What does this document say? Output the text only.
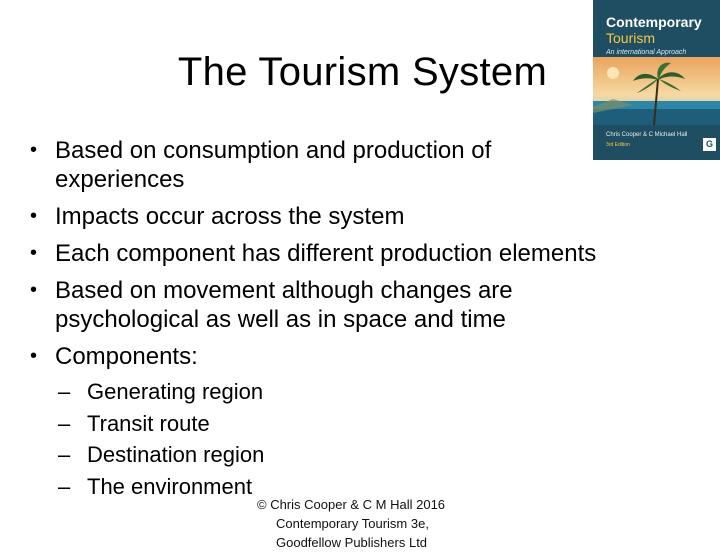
The Tourism System
Contemporary
Tourism
An international Approach
Chris Cooper & C Michael Hall
3rd Edition	G
• Based on consumption and production of experiences
• Impacts occur across the system
• Each component has different production elements
• Based on movement although changes are psychological as well as in space and time
• Components:
– Generating region
– Transit route
– Destination region
– The environment
© Chris Cooper & C M Hall 2016
Contemporary Tourism 3e,
Goodfellow Publishers Ltd
